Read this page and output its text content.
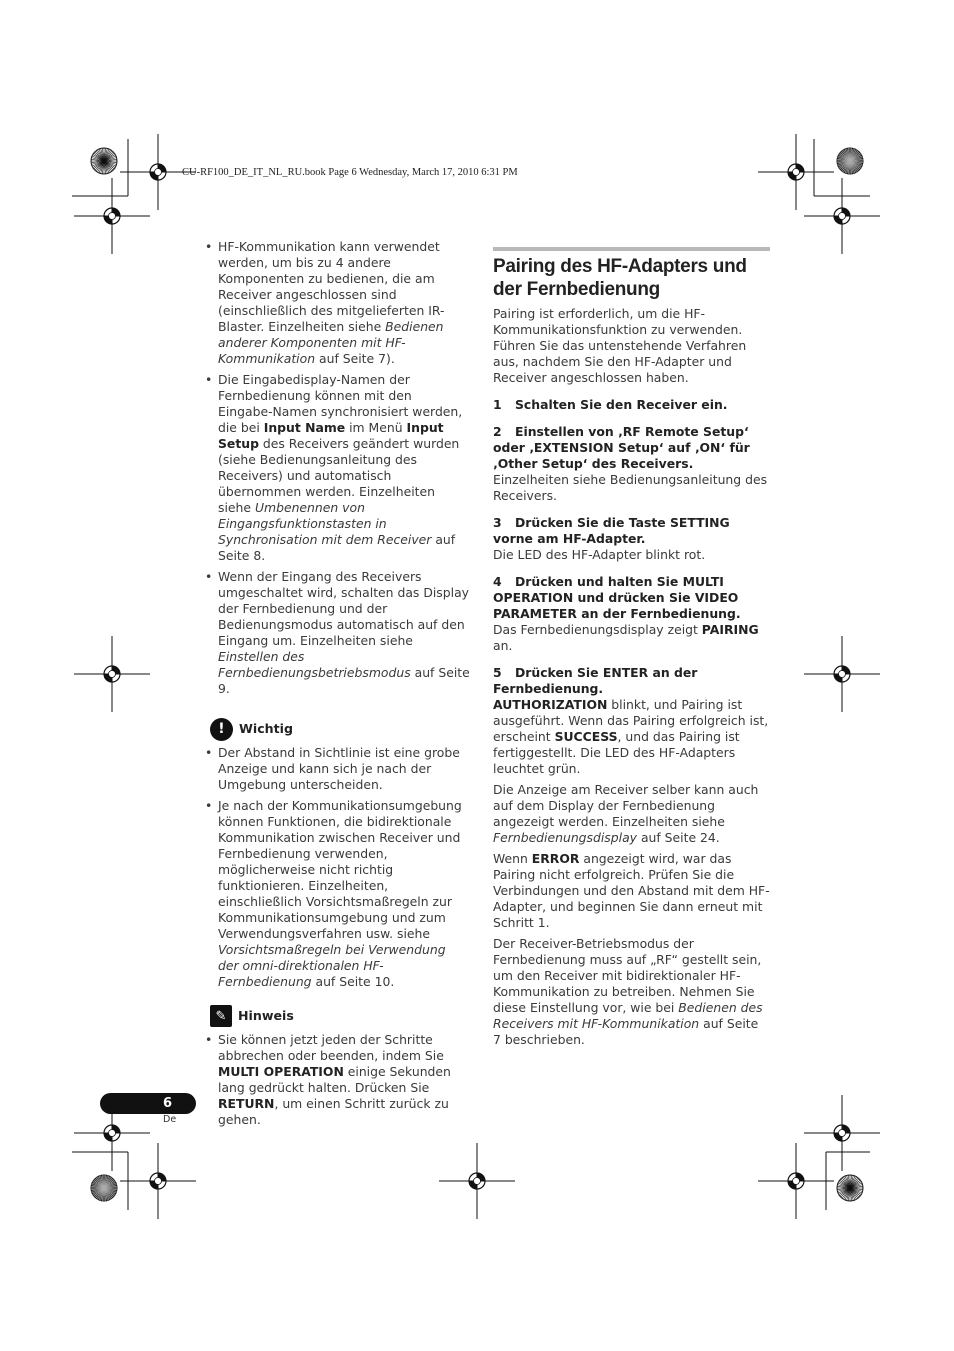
CU-RF100_DE_IT_NL_RU.book Page 6 Wednesday, March 17, 2010 6:31 PM
• HF-Kommunikation kann verwendet werden, um bis zu 4 andere Komponenten zu bedienen, die am Receiver angeschlossen sind (einschließlich des mitgelieferten IR-Blaster. Einzelheiten siehe Bedienen anderer Komponenten mit HF-Kommunikation auf Seite 7).
• Die Eingabedisplay-Namen der Fernbedienung können mit den Eingabe-Namen synchronisiert werden, die bei Input Name im Menü Input Setup des Receivers geändert wurden (siehe Bedienungsanleitung des Receivers) und automatisch übernommen werden. Einzelheiten siehe Umbenennen von Eingangsfunktionstasten in Synchronisation mit dem Receiver auf Seite 8.
• Wenn der Eingang des Receivers umgeschaltet wird, schalten das Display der Fernbedienung und der Bedienungsmodus automatisch auf den Eingang um. Einzelheiten siehe Einstellen des Fernbedienungsbetriebsmodus auf Seite 9.
!	Wichtig
• Der Abstand in Sichtlinie ist eine grobe Anzeige und kann sich je nach der Umgebung unterscheiden.
• Je nach der Kommunikationsumgebung können Funktionen, die bidirektionale Kommunikation zwischen Receiver und Fernbedienung verwenden, möglicherweise nicht richtig funktionieren. Einzelheiten, einschließlich Vorsichtsmaßregeln zur Kommunikationsumgebung und zum Verwendungsverfahren usw. siehe Vorsichtsmaßregeln bei Verwendung der omni-direktionalen HF-Fernbedienung auf Seite 10.
✎ Hinweis
• Sie können jetzt jeden der Schritte abbrechen oder beenden, indem Sie MULTI OPERATION einige Sekunden lang gedrückt halten. Drücken Sie RETURN, um einen Schritt zurück zu gehen.
Pairing des HF-Adapters und der Fernbedienung

Pairing ist erforderlich, um die HF-Kommunikationsfunktion zu verwenden. Führen Sie das untenstehende Verfahren aus, nachdem Sie den HF-Adapter und Receiver angeschlossen haben.

1 Schalten Sie den Receiver ein.
2 Einstellen von ‚RF Remote Setup‘ oder ‚EXTENSION Setup‘ auf ‚ON‘ für ‚Other Setup‘ des Receivers.

Einzelheiten siehe Bedienungsanleitung des Receivers.

3 Drücken Sie die Taste SETTING vorne am HF-Adapter.

Die LED des HF-Adapter blinkt rot.

4 Drücken und halten Sie MULTI OPERATION und drücken Sie VIDEO PARAMETER an der Fernbedienung.

Das Fernbedienungsdisplay zeigt PAIRING an.

5 Drücken Sie ENTER an der Fernbedienung.

AUTHORIZATION blinkt, und Pairing ist ausgeführt. Wenn das Pairing erfolgreich ist, erscheint SUCCESS, und das Pairing ist fertiggestellt. Die LED des HF-Adapters leuchtet grün.

Die Anzeige am Receiver selber kann auch auf dem Display der Fernbedienung angezeigt werden. Einzelheiten siehe Fernbedienungsdisplay auf Seite 24.

Wenn ERROR angezeigt wird, war das Pairing nicht erfolgreich. Prüfen Sie die Verbindungen und den Abstand mit dem HF-Adapter, und beginnen Sie dann erneut mit Schritt 1.

Der Receiver-Betriebsmodus der Fernbedienung muss auf „RF“ gestellt sein, um den Receiver mit bidirektionaler HF-Kommunikation zu betreiben. Nehmen Sie diese Einstellung vor, wie bei Bedienen des Receivers mit HF-Kommunikation auf Seite 7 beschrieben.

6
De
